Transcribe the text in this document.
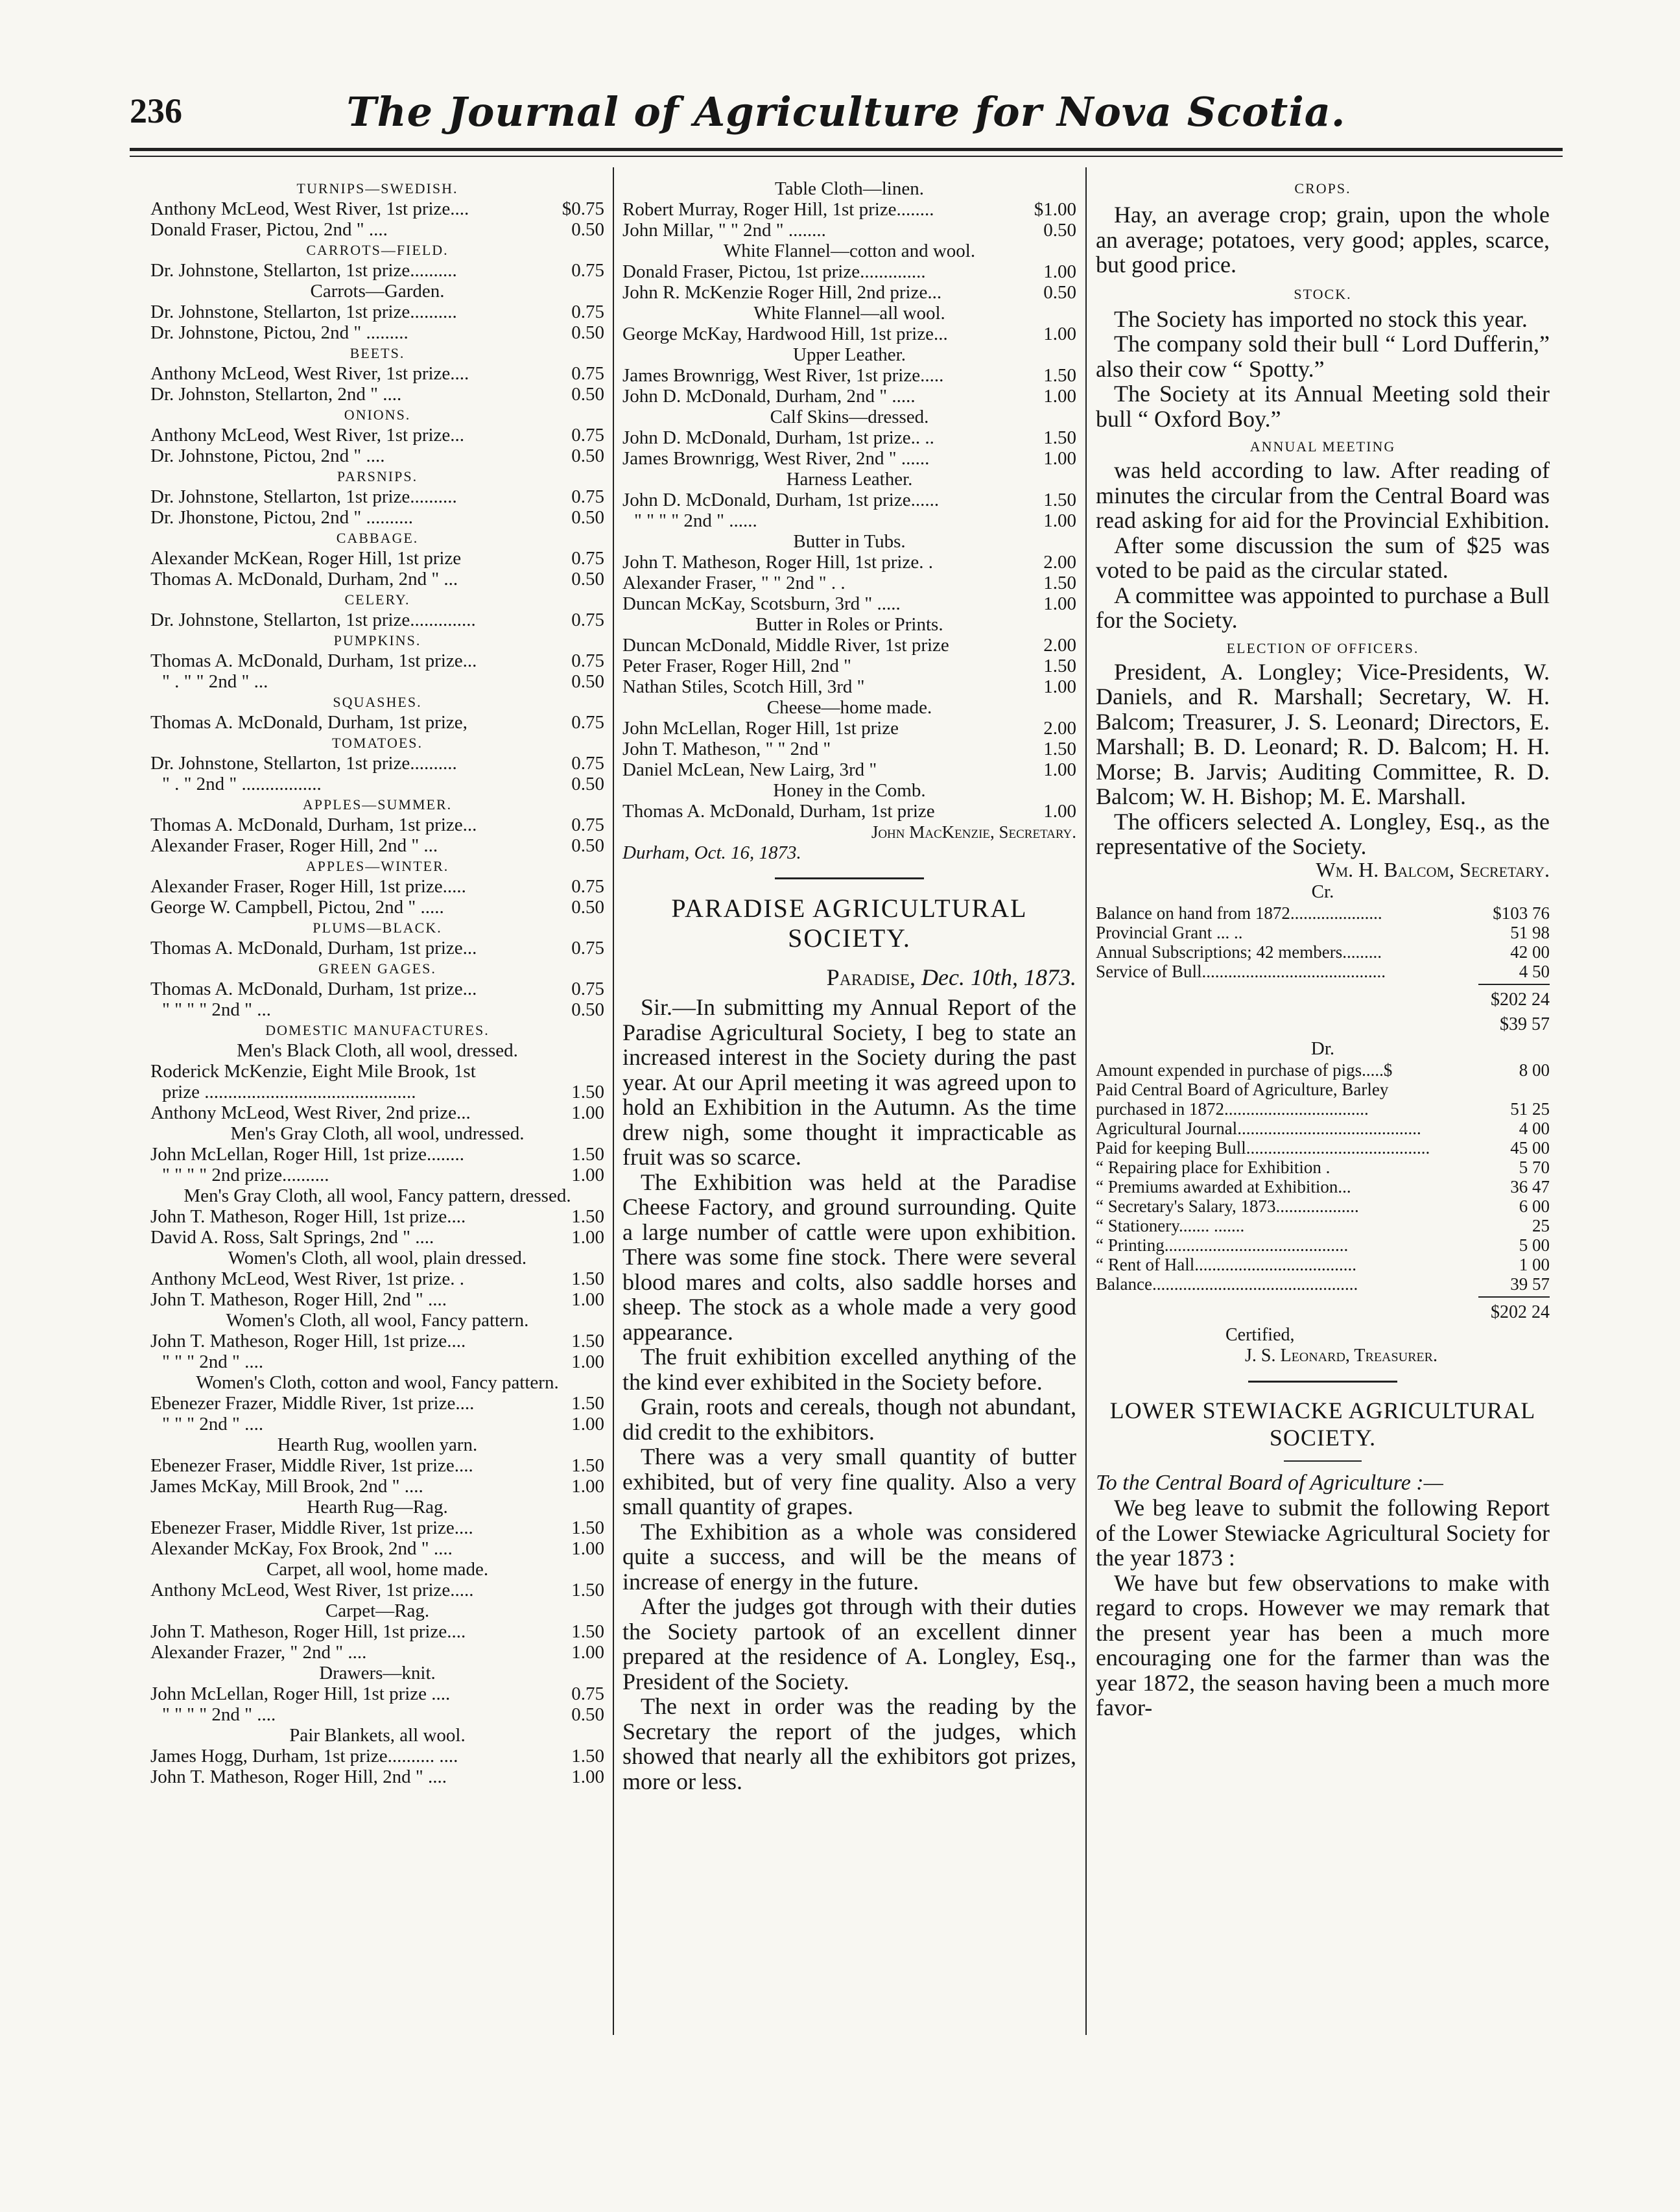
236	The Journal of Agriculture for Nova Scotia.
TURNIPS—SWEDISH.
Anthony McLeod, West River, 1st prize....	$0.75
Donald Fraser, Pictou, 2nd " ....	0.50
CARROTS—FIELD.
Dr. Johnstone, Stellarton, 1st prize..........	0.75
Carrots—Garden.
Dr. Johnstone, Stellarton, 1st prize..........	0.75
Dr. Johnstone, Pictou, 2nd " .........	0.50
BEETS.
Anthony McLeod, West River, 1st prize....	0.75
Dr. Johnston, Stellarton, 2nd " ....	0.50
ONIONS.
Anthony McLeod, West River, 1st prize...	0.75
Dr. Johnstone, Pictou, 2nd " ....	0.50
PARSNIPS.
Dr. Johnstone, Stellarton, 1st prize..........	0.75
Dr. Jhonstone, Pictou, 2nd " ..........	0.50
CABBAGE.
Alexander McKean, Roger Hill, 1st prize	0.75
Thomas A. McDonald, Durham, 2nd " ...	0.50
CELERY.
Dr. Johnstone, Stellarton, 1st prize..............	0.75
PUMPKINS.
Thomas A. McDonald, Durham, 1st prize...	0.75
" . " " 2nd " ...	0.50
SQUASHES.
Thomas A. McDonald, Durham, 1st prize,	0.75
TOMATOES.
Dr. Johnstone, Stellarton, 1st prize..........	0.75
" . " 2nd " .................	0.50
APPLES—SUMMER.
Thomas A. McDonald, Durham, 1st prize...	0.75
Alexander Fraser, Roger Hill, 2nd " ...	0.50
APPLES—WINTER.
Alexander Fraser, Roger Hill, 1st prize.....	0.75
George W. Campbell, Pictou, 2nd " .....	0.50
PLUMS—BLACK.
Thomas A. McDonald, Durham, 1st prize...	0.75
GREEN GAGES.
Thomas A. McDonald, Durham, 1st prize...	0.75
" " " " 2nd " ...	0.50
DOMESTIC MANUFACTURES.
Men's Black Cloth, all wool, dressed.
Roderick McKenzie, Eight Mile Brook, 1st
prize .............................................	1.50
Anthony McLeod, West River, 2nd prize...	1.00
Men's Gray Cloth, all wool, undressed.
John McLellan, Roger Hill, 1st prize........	1.50
" " " " 2nd prize..........	1.00
Men's Gray Cloth, all wool, Fancy pattern, dressed.
John T. Matheson, Roger Hill, 1st prize....	1.50
David A. Ross, Salt Springs, 2nd " ....	1.00
Women's Cloth, all wool, plain dressed.
Anthony McLeod, West River, 1st prize. .	1.50
John T. Matheson, Roger Hill, 2nd " ....	1.00
Women's Cloth, all wool, Fancy pattern.
John T. Matheson, Roger Hill, 1st prize....	1.50
" " " 2nd " ....	1.00
Women's Cloth, cotton and wool, Fancy pattern.
Ebenezer Frazer, Middle River, 1st prize....	1.50
" " " 2nd " ....	1.00
Hearth Rug, woollen yarn.
Ebenezer Fraser, Middle River, 1st prize....	1.50
James McKay, Mill Brook, 2nd " ....	1.00
Hearth Rug—Rag.
Ebenezer Fraser, Middle River, 1st prize....	1.50
Alexander McKay, Fox Brook, 2nd " ....	1.00
Carpet, all wool, home made.
Anthony McLeod, West River, 1st prize.....	1.50
Carpet—Rag.
John T. Matheson, Roger Hill, 1st prize....	1.50
Alexander Frazer, " 2nd " ....	1.00
Drawers—knit.
John McLellan, Roger Hill, 1st prize ....	0.75
" " " " 2nd " ....	0.50
Pair Blankets, all wool.
James Hogg, Durham, 1st prize.......... ....	1.50
John T. Matheson, Roger Hill, 2nd " ....	1.00
Table Cloth—linen.
Robert Murray, Roger Hill, 1st prize........	$1.00
John Millar, " " 2nd " ........	0.50
White Flannel—cotton and wool.
Donald Fraser, Pictou, 1st prize..............	1.00
John R. McKenzie Roger Hill, 2nd prize...	0.50
White Flannel—all wool.
George McKay, Hardwood Hill, 1st prize...	1.00
Upper Leather.
James Brownrigg, West River, 1st prize.....	1.50
John D. McDonald, Durham, 2nd " .....	1.00
Calf Skins—dressed.
John D. McDonald, Durham, 1st prize.. ..	1.50
James Brownrigg, West River, 2nd " ......	1.00
Harness Leather.
John D. McDonald, Durham, 1st prize......	1.50
" " " " 2nd " ......	1.00
Butter in Tubs.
John T. Matheson, Roger Hill, 1st prize. .	2.00
Alexander Fraser, " " 2nd " . .	1.50
Duncan McKay, Scotsburn, 3rd " .....	1.00
Butter in Roles or Prints.
Duncan McDonald, Middle River, 1st prize	2.00
Peter Fraser, Roger Hill, 2nd "	1.50
Nathan Stiles, Scotch Hill, 3rd "	1.00
Cheese—home made.
John McLellan, Roger Hill, 1st prize	2.00
John T. Matheson, " " 2nd "	1.50
Daniel McLean, New Lairg, 3rd "	1.00
Honey in the Comb.
Thomas A. McDonald, Durham, 1st prize	1.00
John MacKenzie, Secretary.
Durham, Oct. 16, 1873.
PARADISE AGRICULTURAL SOCIETY.
Paradise, Dec. 10th, 1873.

Sir.—In submitting my Annual Report of the Paradise Agricultural Society, I beg to state an increased interest in the Society during the past year. At our April meeting it was agreed upon to hold an Exhibition in the Autumn. As the time drew nigh, some thought it impracticable as fruit was so scarce.

The Exhibition was held at the Paradise Cheese Factory, and ground surrounding. Quite a large number of cattle were upon exhibition. There was some fine stock. There were several blood mares and colts, also saddle horses and sheep. The stock as a whole made a very good appearance.

The fruit exhibition excelled anything of the the kind ever exhibited in the Society before.

Grain, roots and cereals, though not abundant, did credit to the exhibitors.

There was a very small quantity of butter exhibited, but of very fine quality. Also a very small quantity of grapes.

The Exhibition as a whole was considered quite a success, and will be the means of increase of energy in the future.

After the judges got through with their duties the Society partook of an excellent dinner prepared at the residence of A. Longley, Esq., President of the Society.

The next in order was the reading by the Secretary the report of the judges, which showed that nearly all the exhibitors got prizes, more or less.

CROPS.

Hay, an average crop; grain, upon the whole an average; potatoes, very good; apples, scarce, but good price.

STOCK.

The Society has imported no stock this year.

The company sold their bull “ Lord Dufferin,” also their cow “ Spotty.”

The Society at its Annual Meeting sold their bull “ Oxford Boy.”

ANNUAL MEETING

was held according to law. After reading of minutes the circular from the Central Board was read asking for aid for the Provincial Exhibition.

After some discussion the sum of $25 was voted to be paid as the circular stated.

A committee was appointed to purchase a Bull for the Society.

ELECTION OF OFFICERS.

President, A. Longley; Vice-Presidents, W. Daniels, and R. Marshall; Secretary, W. H. Balcom; Treasurer, J. S. Leonard; Directors, E. Marshall; B. D. Leonard; R. D. Balcom; H. H. Morse; B. Jarvis; Auditing Committee, R. D. Balcom; W. H. Bishop; M. E. Marshall.

The officers selected A. Longley, Esq., as the representative of the Society.

Wm. H. Balcom, Secretary.
Cr.
Balance on hand from 1872.....................	$103 76
Provincial Grant ... ..	51 98
Annual Subscriptions; 42 members.........	42 00
Service of Bull..........................................	4 50
$202 24
$39 57
Dr.
Amount expended in purchase of pigs.....$	8 00
Paid Central Board of Agriculture, Barley
purchased in 1872.................................	51 25
Agricultural Journal..........................................	4 00
Paid for keeping Bull..........................................	45 00
“ Repairing place for Exhibition .	5 70
“ Premiums awarded at Exhibition...	36 47
“ Secretary's Salary, 1873...................	6 00
“ Stationery....... .......	25
“ Printing..........................................	5 00
“ Rent of Hall.....................................	1 00
Balance...............................................	39 57
$202 24
Certified,
J. S. Leonard, Treasurer.
LOWER STEWIACKE AGRICULTURAL SOCIETY.

To the Central Board of Agriculture :—

We beg leave to submit the following Report of the Lower Stewiacke Agricultural Society for the year 1873 :

We have but few observations to make with regard to crops. However we may remark that the present year has been a much more encouraging one for the farmer than was the year 1872, the season having been a much more favor-
